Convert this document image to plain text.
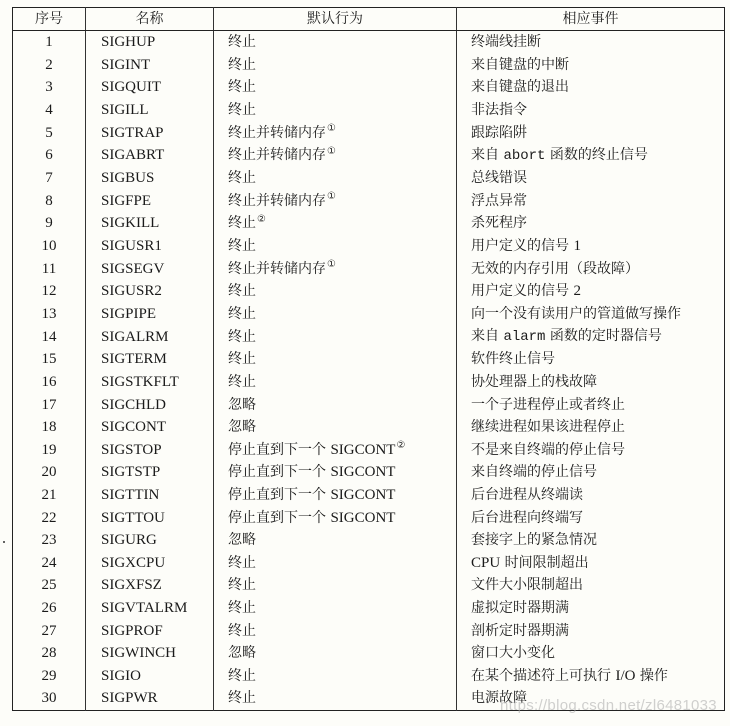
序号	名称	默认行为	相应事件
1	SIGHUP	终止	终端线挂断
2	SIGINT	终止	来自键盘的中断
3	SIGQUIT	终止	来自键盘的退出
4	SIGILL	终止	非法指令
5	SIGTRAP	终止并转储内存①	跟踪陷阱
6	SIGABRT	终止并转储内存①	来自 abort 函数的终止信号
7	SIGBUS	终止	总线错误
8	SIGFPE	终止并转储内存①	浮点异常
9	SIGKILL	终止②	杀死程序
10	SIGUSR1	终止	用户定义的信号 1
11	SIGSEGV	终止并转储内存①	无效的内存引用（段故障）
12	SIGUSR2	终止	用户定义的信号 2
13	SIGPIPE	终止	向一个没有读用户的管道做写操作
14	SIGALRM	终止	来自 alarm 函数的定时器信号
15	SIGTERM	终止	软件终止信号
16	SIGSTKFLT	终止	协处理器上的栈故障
17	SIGCHLD	忽略	一个子进程停止或者终止
18	SIGCONT	忽略	继续进程如果该进程停止
19	SIGSTOP	停止直到下一个 SIGCONT②	不是来自终端的停止信号
20	SIGTSTP	停止直到下一个 SIGCONT	来自终端的停止信号
21	SIGTTIN	停止直到下一个 SIGCONT	后台进程从终端读
22	SIGTTOU	停止直到下一个 SIGCONT	后台进程向终端写
23	SIGURG	忽略	套接字上的紧急情况
24	SIGXCPU	终止	CPU 时间限制超出
25	SIGXFSZ	终止	文件大小限制超出
26	SIGVTALRM	终止	虚拟定时器期满
27	SIGPROF	终止	剖析定时器期满
28	SIGWINCH	忽略	窗口大小变化
29	SIGIO	终止	在某个描述符上可执行 I/O 操作
30	SIGPWR	终止	电源故障
https://blog.csdn.net/zl6481033
